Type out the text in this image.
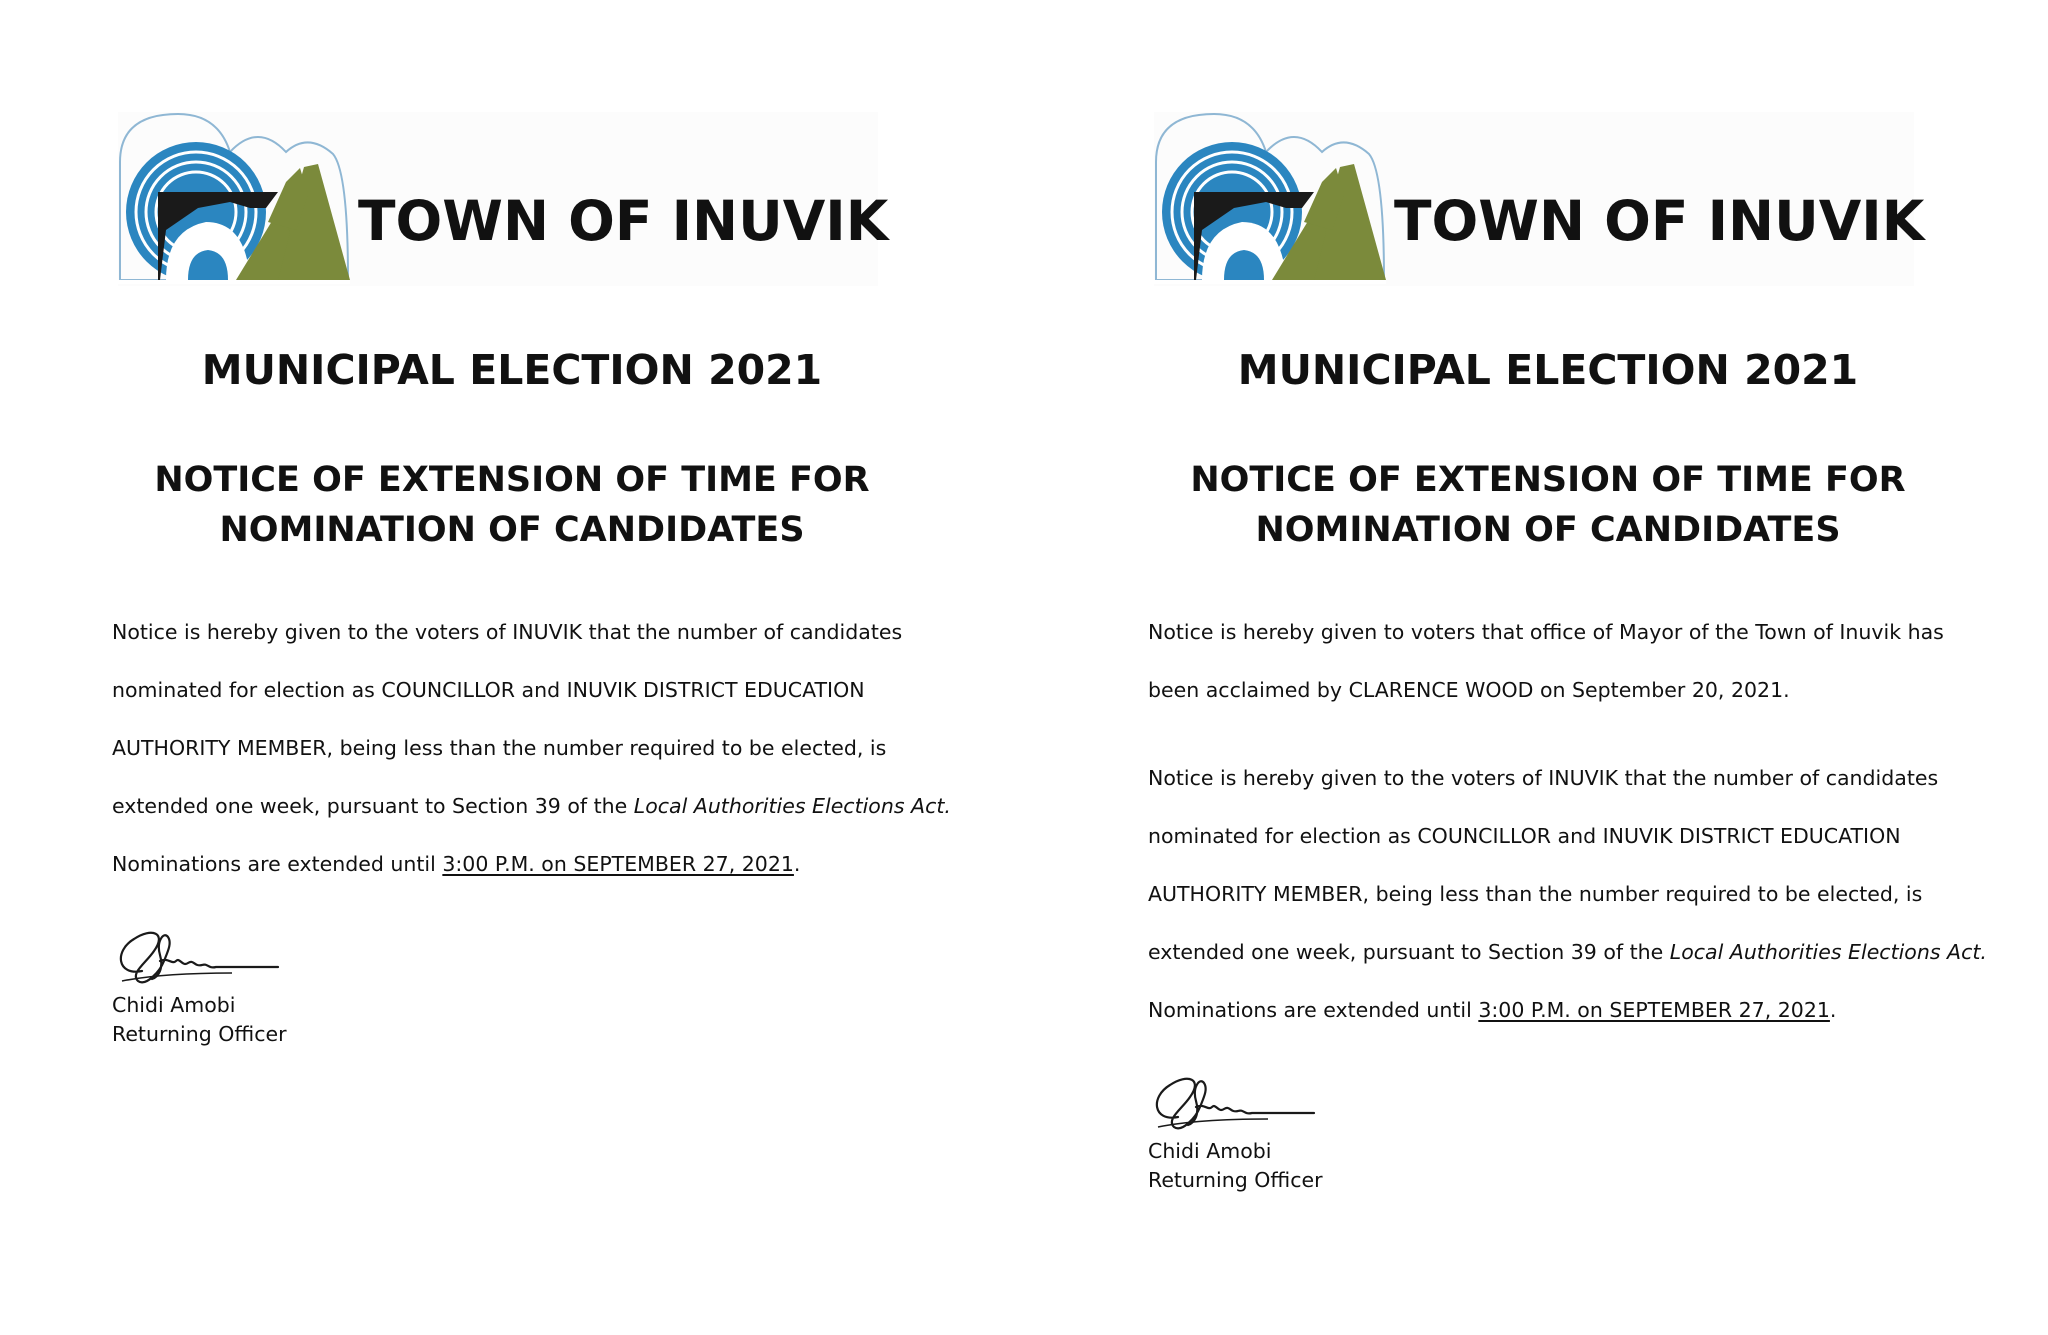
TOWN OF INUVIK
MUNICIPAL ELECTION 2021
NOTICE OF EXTENSION OF TIME FOR
NOMINATION OF CANDIDATES

Notice is hereby given to the voters of INUVIK that the number of candidates
nominated for election as COUNCILLOR and INUVIK DISTRICT EDUCATION
AUTHORITY MEMBER, being less than the number required to be elected, is
extended one week, pursuant to Section 39 of the Local Authorities Elections Act.
Nominations are extended until 3:00 P.M. on SEPTEMBER 27, 2021.

Chidi Amobi
Returning Officer
TOWN OF INUVIK
MUNICIPAL ELECTION 2021
NOTICE OF EXTENSION OF TIME FOR
NOMINATION OF CANDIDATES

Notice is hereby given to voters that office of Mayor of the Town of Inuvik has
been acclaimed by CLARENCE WOOD on September 20, 2021.

Notice is hereby given to the voters of INUVIK that the number of candidates
nominated for election as COUNCILLOR and INUVIK DISTRICT EDUCATION
AUTHORITY MEMBER, being less than the number required to be elected, is
extended one week, pursuant to Section 39 of the Local Authorities Elections Act.
Nominations are extended until 3:00 P.M. on SEPTEMBER 27, 2021.

Chidi Amobi
Returning Officer
